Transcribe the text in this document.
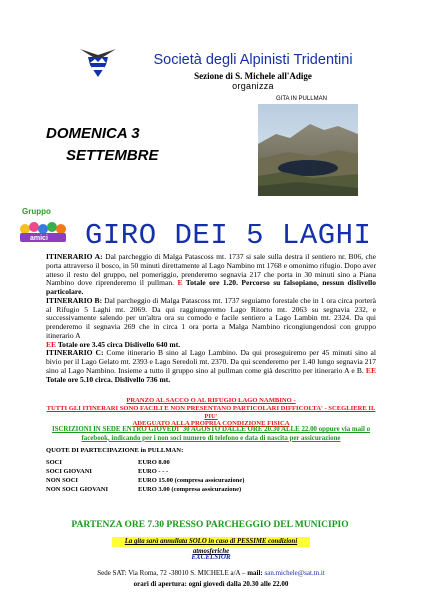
Società degli Alpinisti Tridentini
Sezione di S. Michele all'Adige
organizza
GITA IN PULLMAN
DOMENICA 3
SETTEMBRE
Gruppo
amici GIRO DEI 5 LAGHI

ITINERARIO A: Dal parcheggio di Malga Patascoss mt. 1737 si sale sulla destra il sentiero nr. B06, che porta attraverso il bosco, in 50 minuti direttamente al Lago Nambino mt 1768 e omonimo rifugio. Dopo aver atteso il resto del gruppo, nel pomeriggio, prenderemo segnavia 217 che porta in 30 minuti sino a Piana Nambino dove riprenderemo il pullman. E Totale ore 1.20. Percorso su falsopiano, nessun dislivello particolare.

ITINERARIO B: Dal parcheggio di Malga Patascoss mt. 1737 seguiamo forestale che in 1 ora circa porterà al Rifugio 5 Laghi mt. 2069. Da qui raggiungeremo Lago Ritorto mt. 2063 su segnavia 232, e successivamente salendo per un'altra ora su comodo e facile sentiero a Lago Lambin mt. 2324. Da qui prenderemo il segnavia 269 che in circa 1 ora porta a Malga Nambino ricongiungendosi con gruppo itinerario A
EE Totale ore 3.45 circa Dislivello 640 mt.

ITINERARIO C: Come itinerario B sino al Lago Lambino. Da qui proseguiremo per 45 minuti sino al bivio per il Lago Gelato mt. 2393 e Lago Seredoli mt. 2370. Da qui scenderemo per 1.40 lungo segnavia 217 sino al Lago Nambino. Insieme a tutto il gruppo sino al pullman come già descritto per itinerario A e B. EE Totale ore 5.10 circa. Dislivello 736 mt.

PRANZO AL SACCO O AL RIFUGIO LAGO NAMBINO -
TUTTI GLI ITINERARI SONO FACILI E NON PRESENTANO PARTICOLARI DIFFICOLTA' - SCEGLIERE IL PIU'
ADEGUATO ALLA PROPRIA CONDIZIONE FISICA
ISCRIZIONI IN SEDE ENTRO GIOVEDI' 30 AGOSTO DALLE ORE 20.30 ALLE 22.00 oppure via mail o
facebook, indicando per i non soci numero di telefono e data di nascita per assicurazione
QUOTE DI PARTECIPAZIONE in PULLMAN:
SOCI	EURO 8.00
SOCI GIOVANI	EURO - - -
NON SOCI	EURO 15.00 (compresa assicurazione)
NON SOCI GIOVANI	EURO 3.00 (compresa assicurazione)
PARTENZA ORE 7.30 PRESSO PARCHEGGIO DEL MUNICIPIO
La gita sarà annullata SOLO in caso di PESSIME condizioni atmosferiche
EXCELSIOR
Sede SAT: Via Roma, 72 -38010 S. MICHELE a/A – mail: san.michele@sat.tn.it
orari di apertura: ogni giovedì dalla 20.30 alle 22.00
